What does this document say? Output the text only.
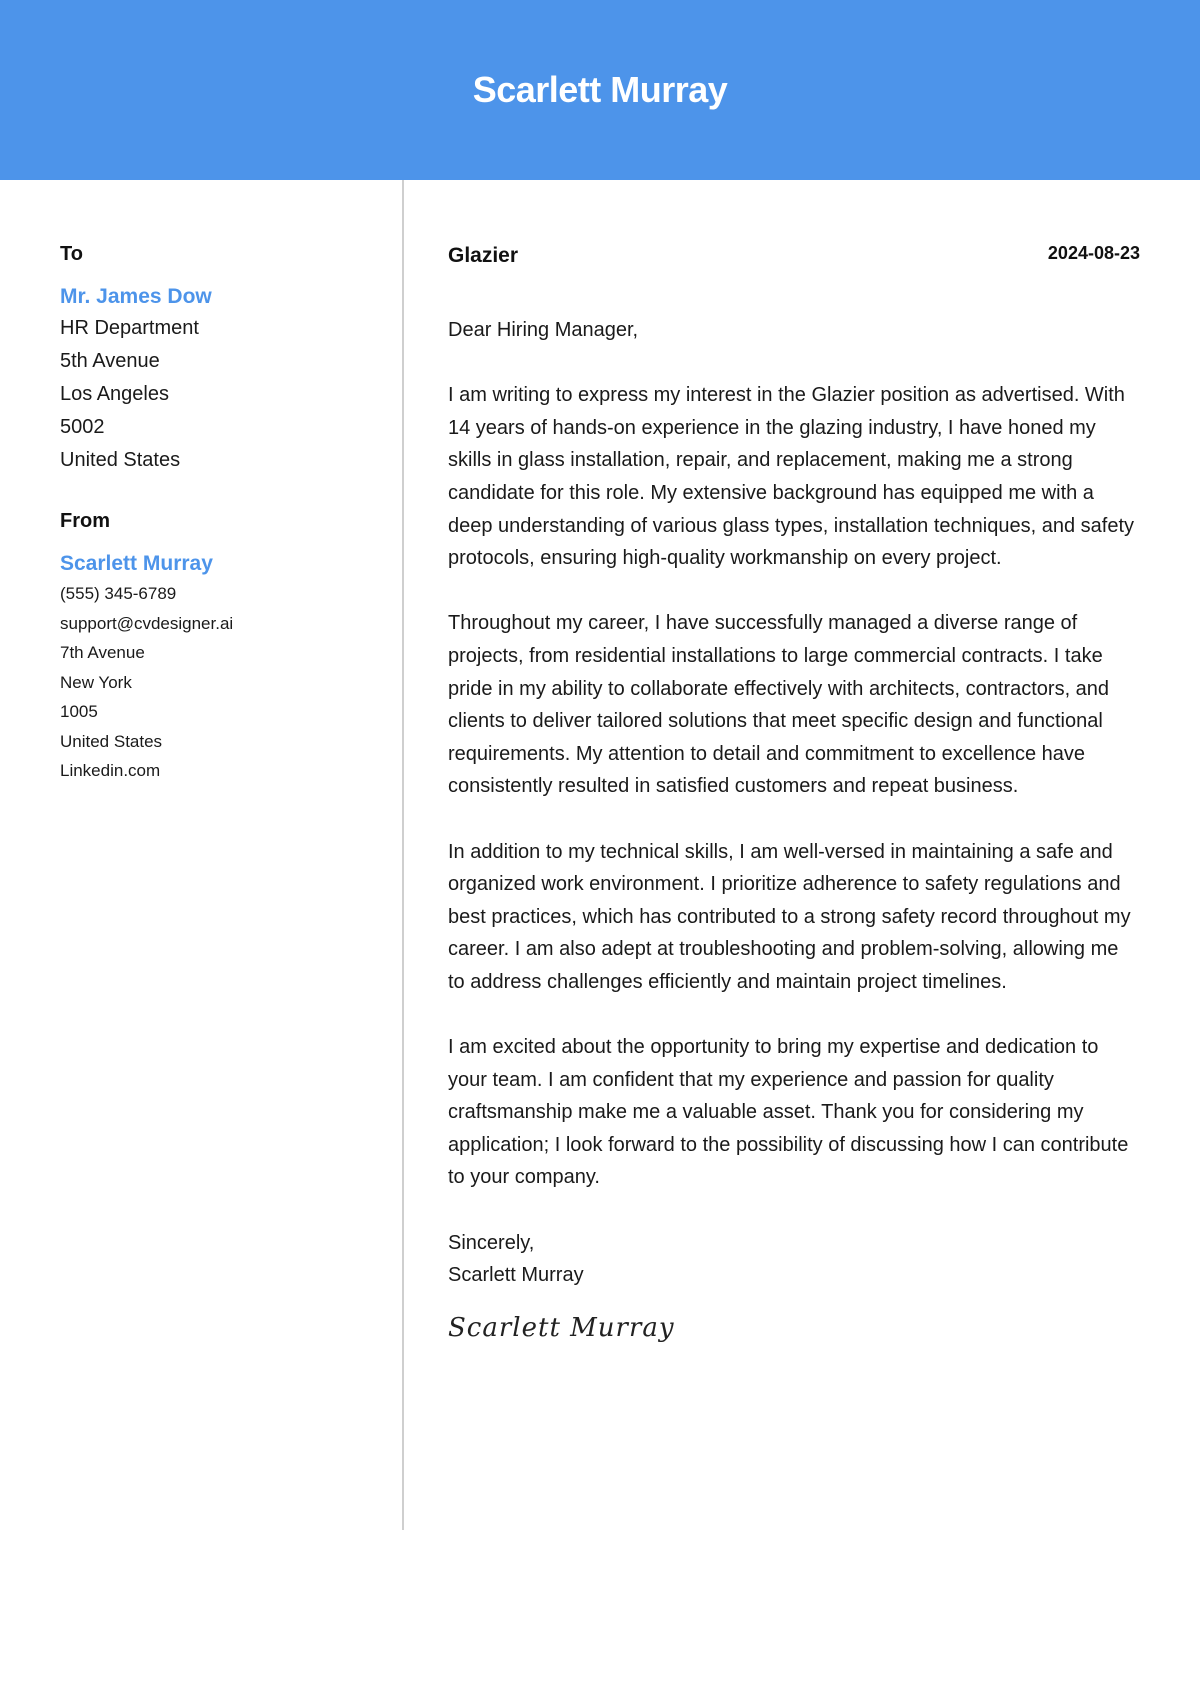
Scarlett Murray
To
Mr. James Dow
HR Department
5th Avenue
Los Angeles
5002
United States
From
Scarlett Murray
(555) 345-6789
support@cvdesigner.ai
7th Avenue
New York
1005
United States
Linkedin.com
Glazier	2024-08-23
Dear Hiring Manager,
I am writing to express my interest in the Glazier position as advertised. With 14 years of hands-on experience in the glazing industry, I have honed my skills in glass installation, repair, and replacement, making me a strong candidate for this role. My extensive background has equipped me with a deep understanding of various glass types, installation techniques, and safety protocols, ensuring high-quality workmanship on every project.
Throughout my career, I have successfully managed a diverse range of projects, from residential installations to large commercial contracts. I take pride in my ability to collaborate effectively with architects, contractors, and clients to deliver tailored solutions that meet specific design and functional requirements. My attention to detail and commitment to excellence have consistently resulted in satisfied customers and repeat business.
In addition to my technical skills, I am well-versed in maintaining a safe and organized work environment. I prioritize adherence to safety regulations and best practices, which has contributed to a strong safety record throughout my career. I am also adept at troubleshooting and problem-solving, allowing me to address challenges efficiently and maintain project timelines.
I am excited about the opportunity to bring my expertise and dedication to your team. I am confident that my experience and passion for quality craftsmanship make me a valuable asset. Thank you for considering my application; I look forward to the possibility of discussing how I can contribute to your company.
Sincerely,
Scarlett Murray
Scarlett Murray
